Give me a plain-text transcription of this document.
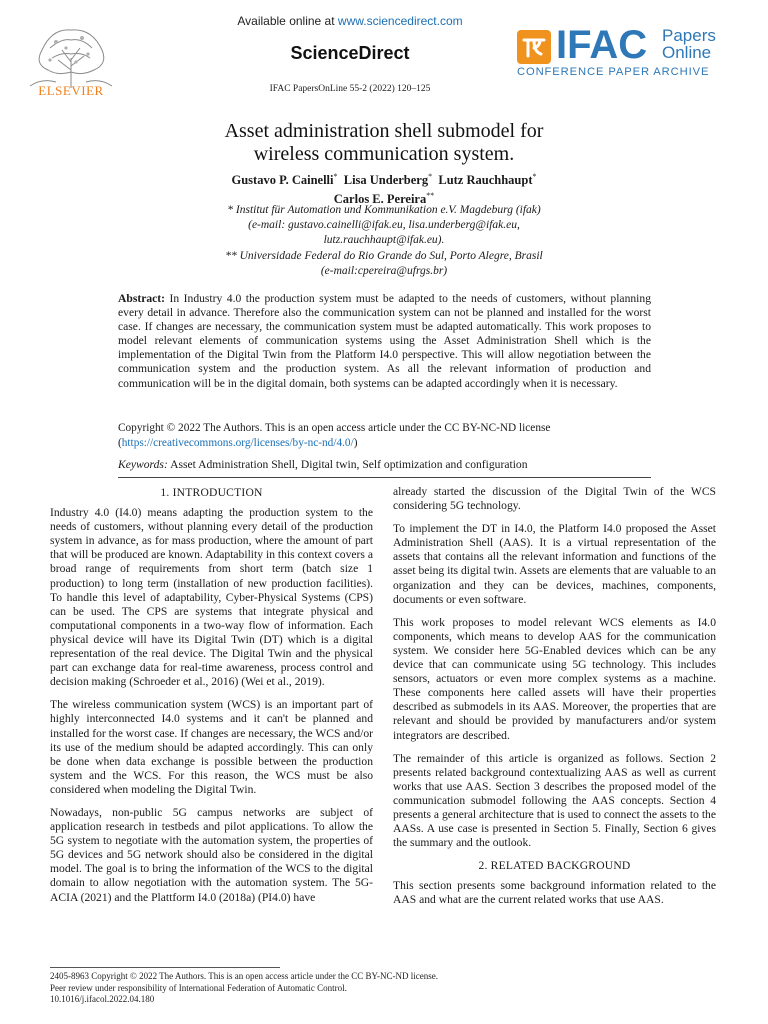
ELSEVIER
Available online at www.sciencedirect.com
ScienceDirect
IFAC PapersOnLine 55-2 (2022) 120–125
IFAC Papers
Online
CONFERENCE PAPER ARCHIVE
Asset administration shell submodel for
wireless communication system.
Gustavo P. Cainelli* Lisa Underberg* Lutz Rauchhaupt*
Carlos E. Pereira**
* Institut für Automation und Kommunikation e.V. Magdeburg (ifak)
(e-mail: gustavo.cainelli@ifak.eu, lisa.underberg@ifak.eu,
lutz.rauchhaupt@ifak.eu).
** Universidade Federal do Rio Grande do Sul, Porto Alegre, Brasil
(e-mail:cpereira@ufrgs.br)
Abstract: In Industry 4.0 the production system must be adapted to the needs of customers, without planning every detail in advance. Therefore also the communication system can not be planned and installed for the worst case. If changes are necessary, the communication system must be adapted automatically. This work proposes to model relevant elements of communication systems using the Asset Administration Shell which is the implementation of the Digital Twin from the Platform I4.0 perspective. This will allow negotiation between the communication system and the production system. As all the relevant information of production and communication will be in the digital domain, both systems can be adapted accordingly when it is necessary.
Copyright © 2022 The Authors. This is an open access article under the CC BY-NC-ND license
(https://creativecommons.org/licenses/by-nc-nd/4.0/)
Keywords: Asset Administration Shell, Digital twin, Self optimization and configuration
1. INTRODUCTION

Industry 4.0 (I4.0) means adapting the production system to the needs of customers, without planning every detail of the production system in advance, as for mass production, where the amount of part that will be produced are known. Adaptability in this context covers a broad range of requirements from short term (batch size 1 production) to long term (installation of new production facilities). To handle this level of adaptability, Cyber-Physical Systems (CPS) can be used. The CPS are systems that integrate physical and computational components in a two-way flow of information. Each physical device will have its Digital Twin (DT) which is a digital representation of the real device. The Digital Twin and the physical part can exchange data for real-time awareness, process control and decision making (Schroeder et al., 2016) (Wei et al., 2019).

The wireless communication system (WCS) is an important part of highly interconnected I4.0 systems and it can't be planned and installed for the worst case. If changes are necessary, the WCS and/or its use of the medium should be adapted accordingly. This can only be done when data exchange is possible between the production system and the WCS. For this reason, the WCS must be also considered when modeling the Digital Twin.

Nowadays, non-public 5G campus networks are subject of application research in testbeds and pilot applications. To allow the 5G system to negotiate with the automation system, the properties of 5G devices and 5G network should also be considered in the digital model. The goal is to bring the information of the WCS to the digital domain to allow negotiation with the automation system. The 5G-ACIA (2021) and the Plattform I4.0 (2018a) (PI4.0) have

already started the discussion of the Digital Twin of the WCS considering 5G technology.

To implement the DT in I4.0, the Platform I4.0 proposed the Asset Administration Shell (AAS). It is a virtual representation of the assets that contains all the relevant information and functions of the asset being its digital twin. Assets are elements that are valuable to an organization and they can be devices, machines, components, documents or even software.

This work proposes to model relevant WCS elements as I4.0 components, which means to develop AAS for the communication system. We consider here 5G-Enabled devices which can be any device that can communicate using 5G technology. This includes sensors, actuators or even more complex systems as a machine. These components here called assets will have their properties described as submodels in its AAS. Moreover, the properties that are relevant and should be provided by manufacturers and/or system integrators are described.

The remainder of this article is organized as follows. Section 2 presents related background contextualizing AAS as well as current works that use AAS. Section 3 describes the proposed model of the communication submodel following the AAS concepts. Section 4 presents a general architecture that is used to connect the assets to the AASs. A use case is presented in Section 5. Finally, Section 6 gives the summary and the outlook.

2. RELATED BACKGROUND

This section presents some background information related to the AAS and what are the current related works that use AAS.

2405-8963 Copyright © 2022 The Authors. This is an open access article under the CC BY-NC-ND license.
Peer review under responsibility of International Federation of Automatic Control.
10.1016/j.ifacol.2022.04.180
